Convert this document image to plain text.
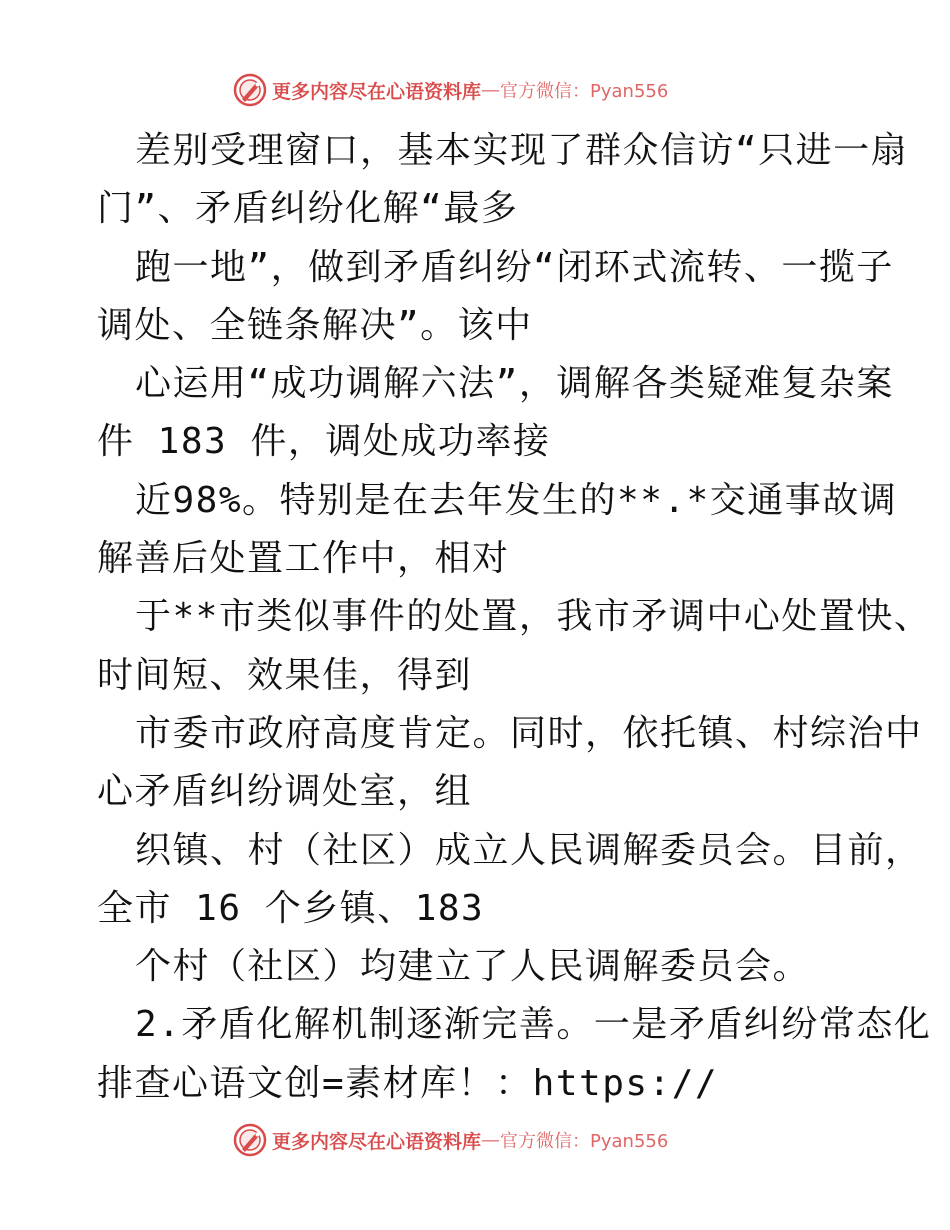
更多内容尽在心语资料库 — 官方微信：Pyan556
差别受理窗口，基本实现了群众信访“只进一扇
门”、矛盾纠纷化解“最多
跑一地”，做到矛盾纠纷“闭环式流转、一揽子
调处、全链条解决”。该中
心运用“成功调解六法”，调解各类疑难复杂案
件 183 件，调处成功率接
近98%。特别是在去年发生的**.*交通事故调
解善后处置工作中，相对
于**市类似事件的处置，我市矛调中心处置快、
时间短、效果佳，得到
市委市政府高度肯定。同时，依托镇、村综治中
心矛盾纠纷调处室，组
织镇、村（社区）成立人民调解委员会。目前，
全市 16 个乡镇、183
个村（社区）均建立了人民调解委员会。
2.矛盾化解机制逐渐完善。一是矛盾纠纷常态化
排查心语文创=素材库！：https://
更多内容尽在心语资料库 — 官方微信：Pyan556
